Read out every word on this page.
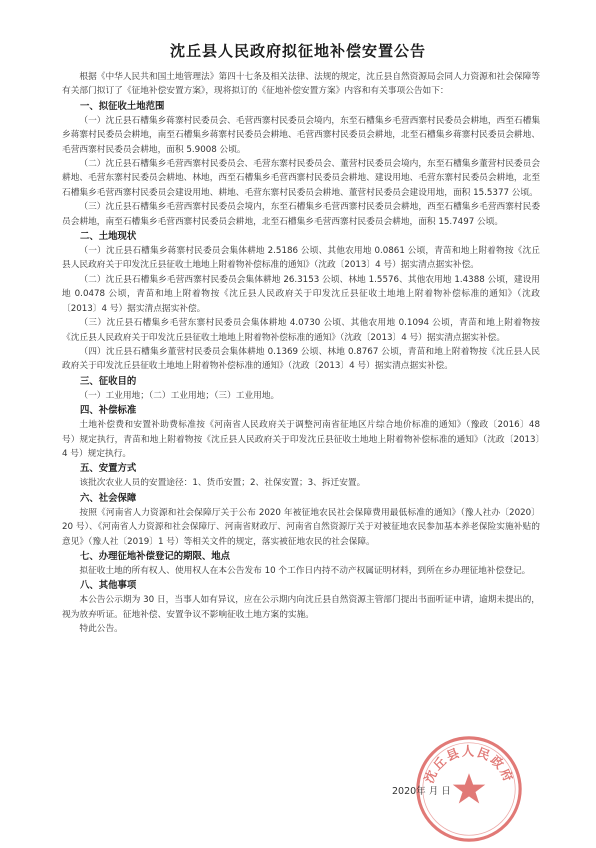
沈丘县人民政府拟征地补偿安置公告

根据《中华人民共和国土地管理法》第四十七条及相关法律、法规的规定，沈丘县自然资源局会同人力资源和社会保障等有关部门拟订了《征地补偿安置方案》，现将拟订的《征地补偿安置方案》内容和有关事项公告如下：

一、拟征收土地范围

（一）沈丘县石槽集乡蒋寨村民委员会、毛营西寨村民委员会境内，东至石槽集乡毛营西寨村民委员会耕地，西至石槽集乡蒋寨村民委员会耕地，南至石槽集乡蒋寨村民委员会耕地、毛营西寨村民委员会耕地，北至石槽集乡蒋寨村民委员会耕地、毛营西寨村民委员会耕地，面积 5.9008 公顷。

（二）沈丘县石槽集乡毛营西寨村民委员会、毛营东寨村民委员会、董营村民委员会境内，东至石槽集乡董营村民委员会耕地、毛营东寨村民委员会耕地、林地，西至石槽集乡毛营西寨村民委员会耕地、建设用地、毛营东寨村民委员会耕地，北至石槽集乡毛营西寨村民委员会建设用地、耕地、毛营东寨村民委员会耕地、董营村民委员会建设用地，面积 15.5377 公顷。

（三）沈丘县石槽集乡毛营西寨村民委员会境内，东至石槽集乡毛营西寨村民委员会耕地，西至石槽集乡毛营西寨村民委员会耕地，南至石槽集乡毛营西寨村民委员会耕地，北至石槽集乡毛营西寨村民委员会耕地，面积 15.7497 公顷。

二、土地现状

（一）沈丘县石槽集乡蒋寨村民委员会集体耕地 2.5186 公顷、其他农用地 0.0861 公顷，青苗和地上附着物按《沈丘县人民政府关于印发沈丘县征收土地地上附着物补偿标准的通知》（沈政〔2013〕4 号）据实清点据实补偿。

（二）沈丘县石槽集乡毛营西寨村民委员会集体耕地 26.3153 公顷、林地 1.5576、其他农用地 1.4388 公顷，建设用地 0.0478 公顷，青苗和地上附着物按《沈丘县人民政府关于印发沈丘县征收土地地上附着物补偿标准的通知》（沈政〔2013〕4 号）据实清点据实补偿。

（三）沈丘县石槽集乡毛营东寨村民委员会集体耕地 4.0730 公顷、其他农用地 0.1094 公顷，青苗和地上附着物按《沈丘县人民政府关于印发沈丘县征收土地地上附着物补偿标准的通知》（沈政〔2013〕4 号）据实清点据实补偿。

（四）沈丘县石槽集乡董营村民委员会集体耕地 0.1369 公顷、林地 0.8767 公顷，青苗和地上附着物按《沈丘县人民政府关于印发沈丘县征收土地地上附着物补偿标准的通知》（沈政〔2013〕4 号）据实清点据实补偿。

三、征收目的

（一）工业用地；（二）工业用地；（三）工业用地。

四、补偿标准

土地补偿费和安置补助费标准按《河南省人民政府关于调整河南省征地区片综合地价标准的通知》（豫政〔2016〕48 号）规定执行，青苗和地上附着物按《沈丘县人民政府关于印发沈丘县征收土地地上附着物补偿标准的通知》（沈政〔2013〕4 号）规定执行。

五、安置方式

该批次农业人员的安置途径：1、货币安置；2、社保安置；3、拆迁安置。

六、社会保障

按照《河南省人力资源和社会保障厅关于公布 2020 年被征地农民社会保障费用最低标准的通知》（豫人社办〔2020〕20 号）、《河南省人力资源和社会保障厅、河南省财政厅、河南省自然资源厅关于对被征地农民参加基本养老保险实施补贴的意见》（豫人社〔2019〕1 号）等相关文件的规定，落实被征地农民的社会保障。

七、办理征地补偿登记的期限、地点

拟征收土地的所有权人、使用权人在本公告发布 10 个工作日内持不动产权属证明材料，到所在乡办理征地补偿登记。

八、其他事项

本公告公示期为 30 日，当事人如有异议，应在公示期内向沈丘县自然资源主管部门提出书面听证申请，逾期未提出的，视为放弃听证。征地补偿、安置争议不影响征收土地方案的实施。

特此公告。

沈丘县人民政府
2020年 月 日
